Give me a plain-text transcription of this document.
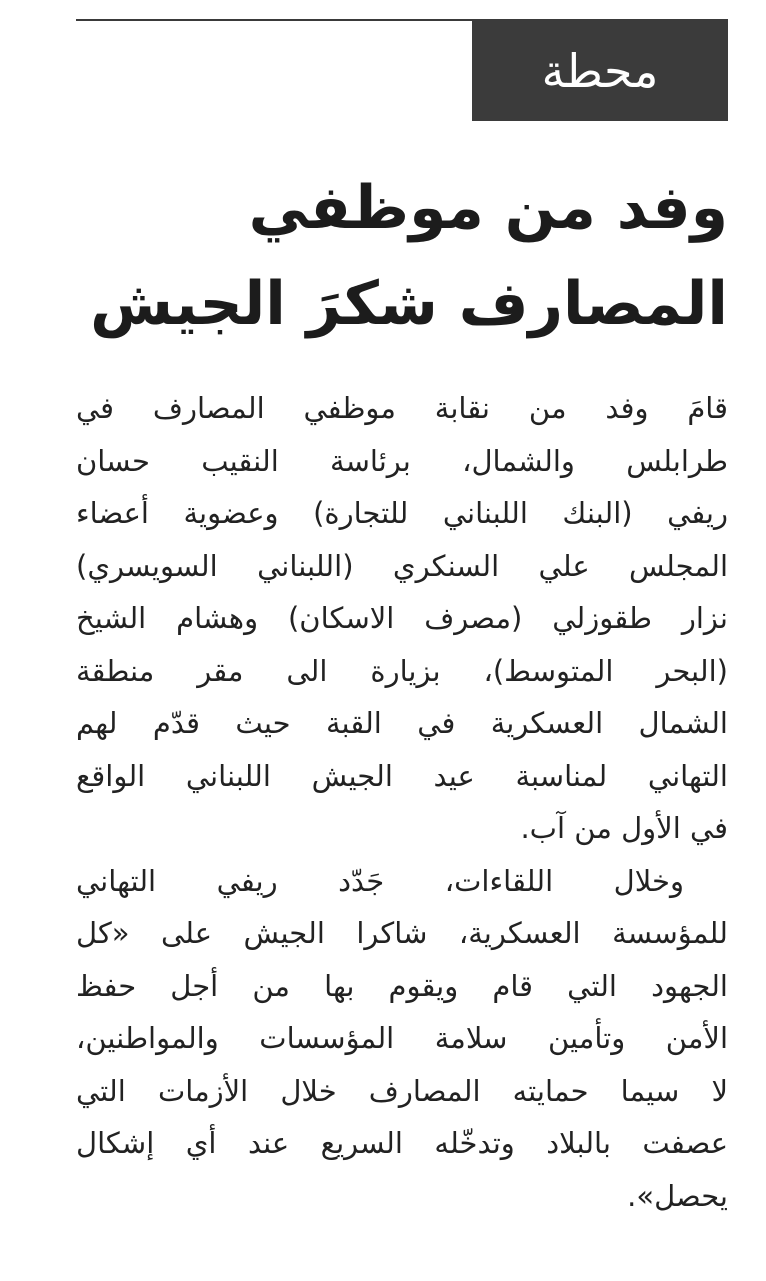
محطة
وفد من موظفي
المصارف شكرَ الجيش
قامَ وفد من نقابة موظفي المصارف في
طرابلس والشمال، برئاسة النقيب حسان
ريفي (البنك اللبناني للتجارة) وعضوية أعضاء
المجلس علي السنكري (اللبناني السويسري)
نزار طقوزلي (مصرف الاسكان) وهشام الشيخ
(البحر المتوسط)، بزيارة الى مقر منطقة
الشمال العسكرية في القبة حيث قدّم لهم
التهاني لمناسبة عيد الجيش اللبناني الواقع
في الأول من آب.
وخلال اللقاءات، جَدّد ريفي التهاني
للمؤسسة العسكرية، شاكرا الجيش على «كل
الجهود التي قام ويقوم بها من أجل حفظ
الأمن وتأمين سلامة المؤسسات والمواطنين،
لا سيما حمايته المصارف خلال الأزمات التي
عصفت بالبلاد وتدخّله السريع عند أي إشكال
يحصل».
